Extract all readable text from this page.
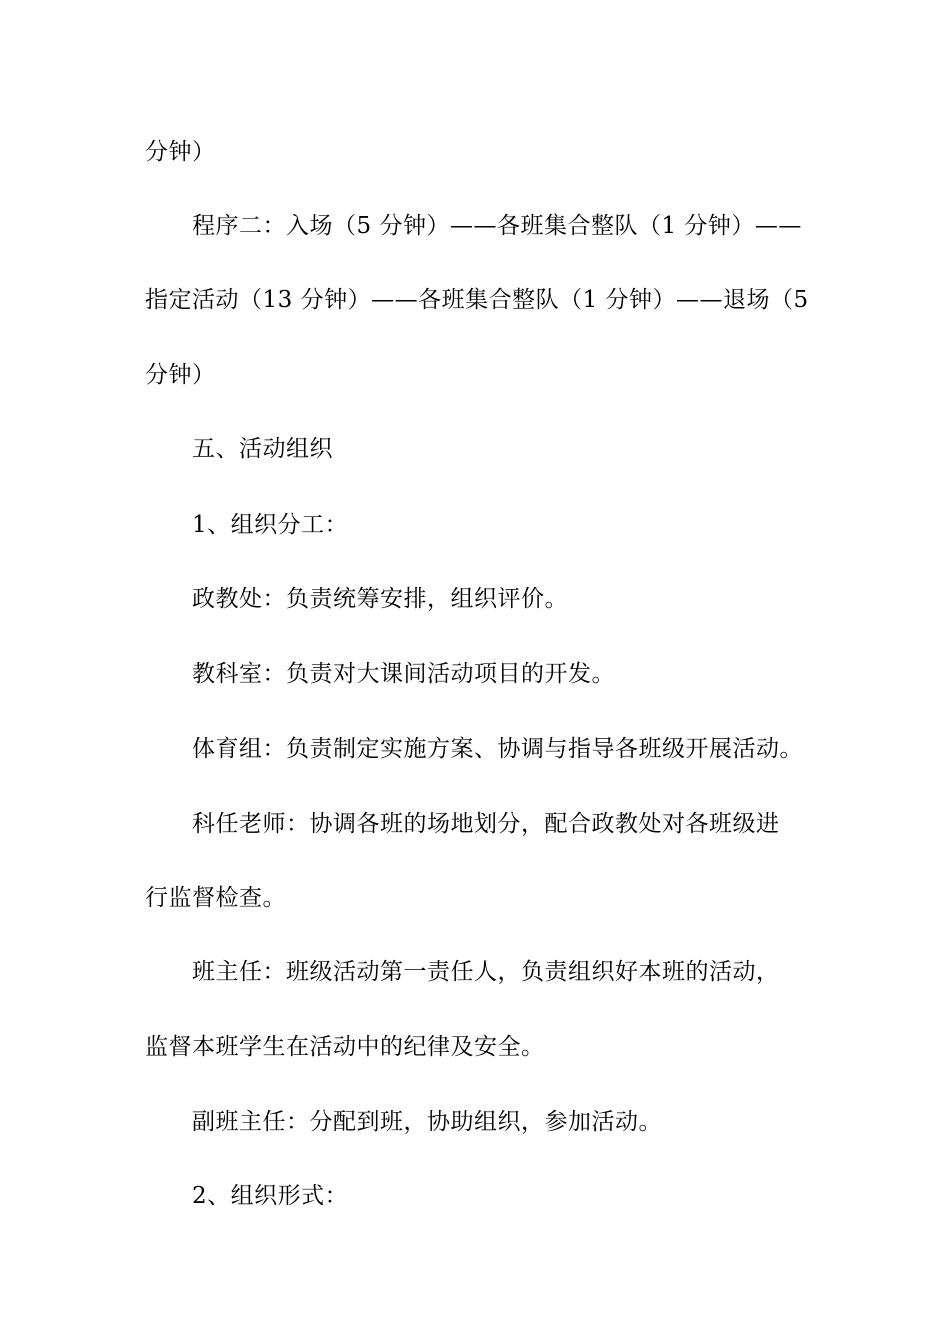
分钟）
程序二：入场（5 分钟）——各班集合整队（1 分钟）——
指定活动（13 分钟）——各班集合整队（1 分钟）——退场（5
分钟）
五、活动组织
1、组织分工：
政教处：负责统筹安排，组织评价。
教科室：负责对大课间活动项目的开发。
体育组：负责制定实施方案、协调与指导各班级开展活动。
科任老师：协调各班的场地划分，配合政教处对各班级进
行监督检查。
班主任：班级活动第一责任人，负责组织好本班的活动，
监督本班学生在活动中的纪律及安全。
副班主任：分配到班，协助组织，参加活动。
2、组织形式：
